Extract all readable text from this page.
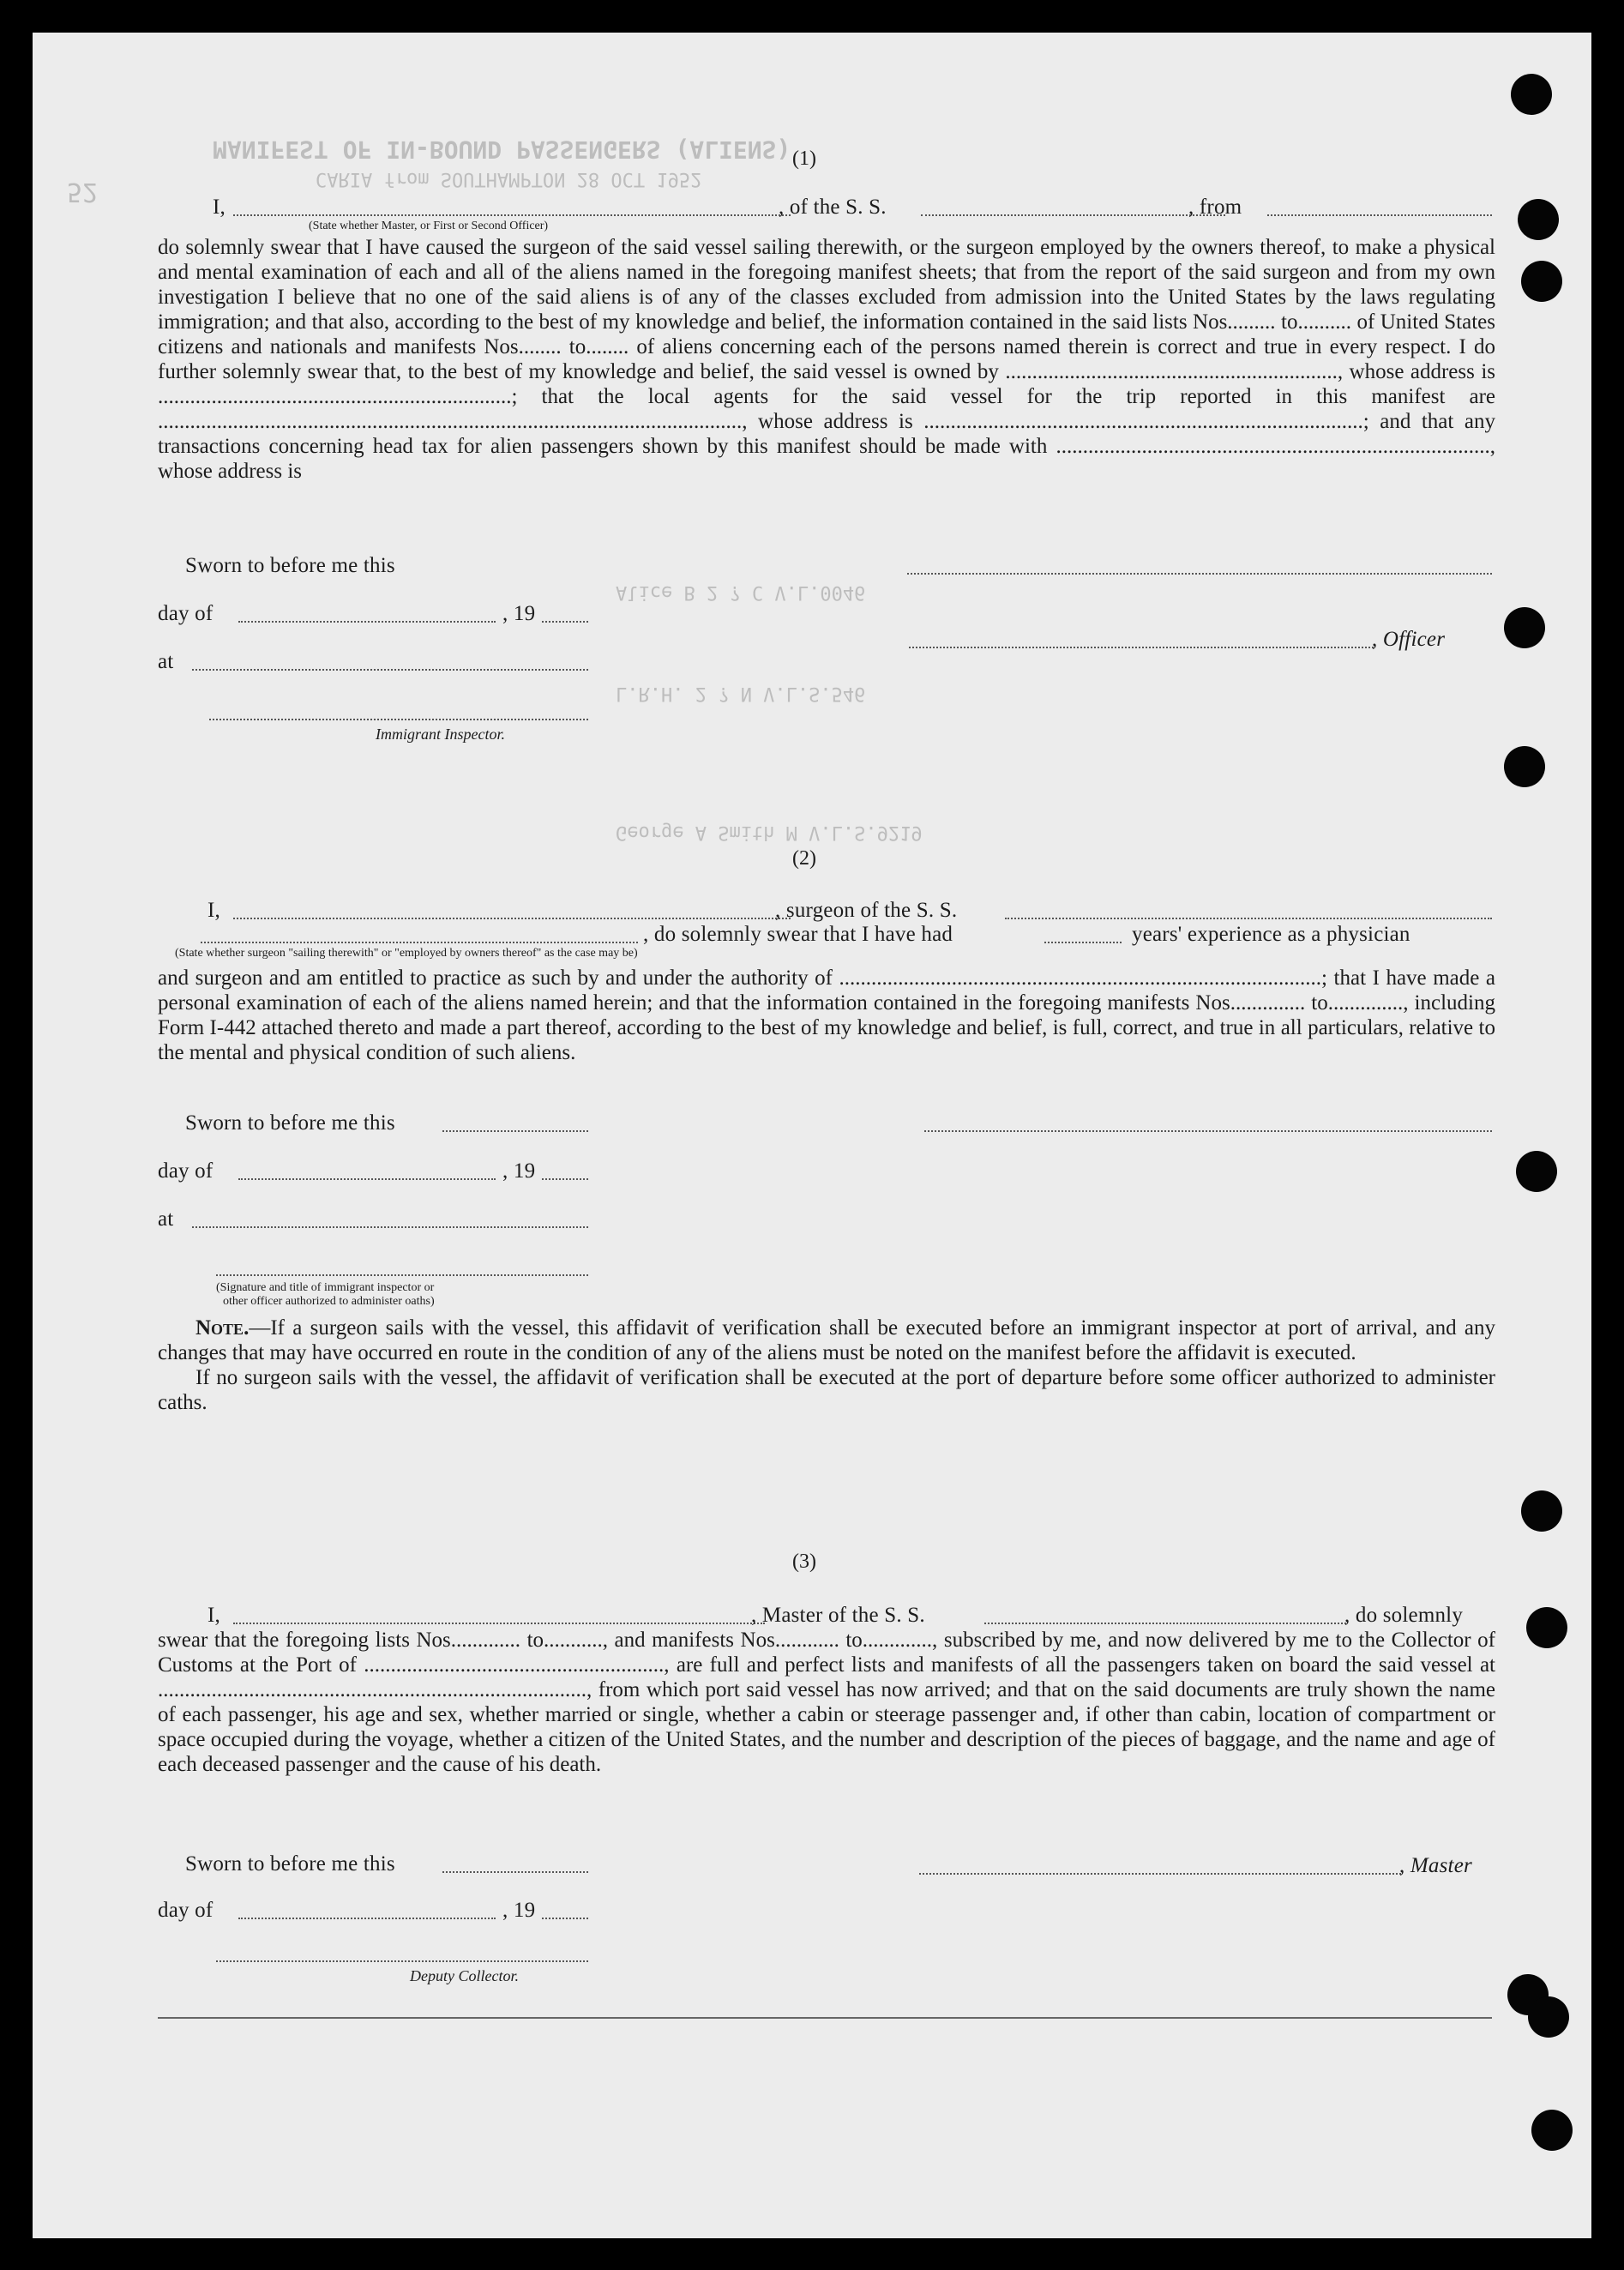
MANIFEST OF IN-BOUND PASSENGERS (ALIENS)
CARIA from SOUTHAMPTON 28 OCT 1952
52
Alice B 2 ? C V.L.0046
L.R.H. 2 ? N V.L.S.546
George A Smith M V.L.S.9219
(1)
I,	, of the S. S.	, from
(State whether Master, or First or Second Officer)

do solemnly swear that I have caused the surgeon of the said vessel sailing therewith, or the surgeon employed by the owners thereof, to make a physical and mental examination of each and all of the aliens named in the foregoing manifest sheets; that from the report of the said surgeon and from my own investigation I believe that no one of the said aliens is of any of the classes excluded from admission into the United States by the laws regulating immigration; and that also, according to the best of my knowledge and belief, the information contained in the said lists Nos......... to.......... of United States citizens and nationals and manifests Nos........ to........ of aliens concerning each of the persons named therein is correct and true in every respect. I do further solemnly swear that, to the best of my knowledge and belief, the said vessel is owned by .............................................................., whose address is ..................................................................; that the local agents for the said vessel for the trip reported in this manifest are ............................................................................................................., whose address is ..................................................................................; and that any transactions concerning head tax for alien passengers shown by this manifest should be made with ................................................................................., whose address is

Sworn to before me this
day of	, 19
, Officer
at
Immigrant Inspector.
(2)
I,	, surgeon of the S. S.
, do solemnly swear that I have had	years' experience as a physician
(State whether surgeon "sailing therewith" or "employed by owners thereof" as the case may be)

and surgeon and am entitled to practice as such by and under the authority of ..........................................................................................; that I have made a personal examination of each of the aliens named herein; and that the information contained in the foregoing manifests Nos.............. to.............., including Form I-442 attached thereto and made a part thereof, according to the best of my knowledge and belief, is full, correct, and true in all particulars, relative to the mental and physical condition of such aliens.

Sworn to before me this
day of	, 19
at
(Signature and title of immigrant inspector or
other officer authorized to administer oaths)

Note.—If a surgeon sails with the vessel, this affidavit of verification shall be executed before an immigrant inspector at port of arrival, and any changes that may have occurred en route in the condition of any of the aliens must be noted on the manifest before the affidavit is executed.

If no surgeon sails with the vessel, the affidavit of verification shall be executed at the port of departure before some officer authorized to administer caths.

(3)
I,	, Master of the S. S.	, do solemnly

swear that the foregoing lists Nos............. to..........., and manifests Nos............ to............., subscribed by me, and now delivered by me to the Collector of Customs at the Port of ........................................................, are full and perfect lists and manifests of all the passengers taken on board the said vessel at ................................................................................, from which port said vessel has now arrived; and that on the said documents are truly shown the name of each passenger, his age and sex, whether married or single, whether a cabin or steerage passenger and, if other than cabin, location of compartment or space occupied during the voyage, whether a citizen of the United States, and the number and description of the pieces of baggage, and the name and age of each deceased passenger and the cause of his death.

Sworn to before me this	, Master
day of	, 19
Deputy Collector.
